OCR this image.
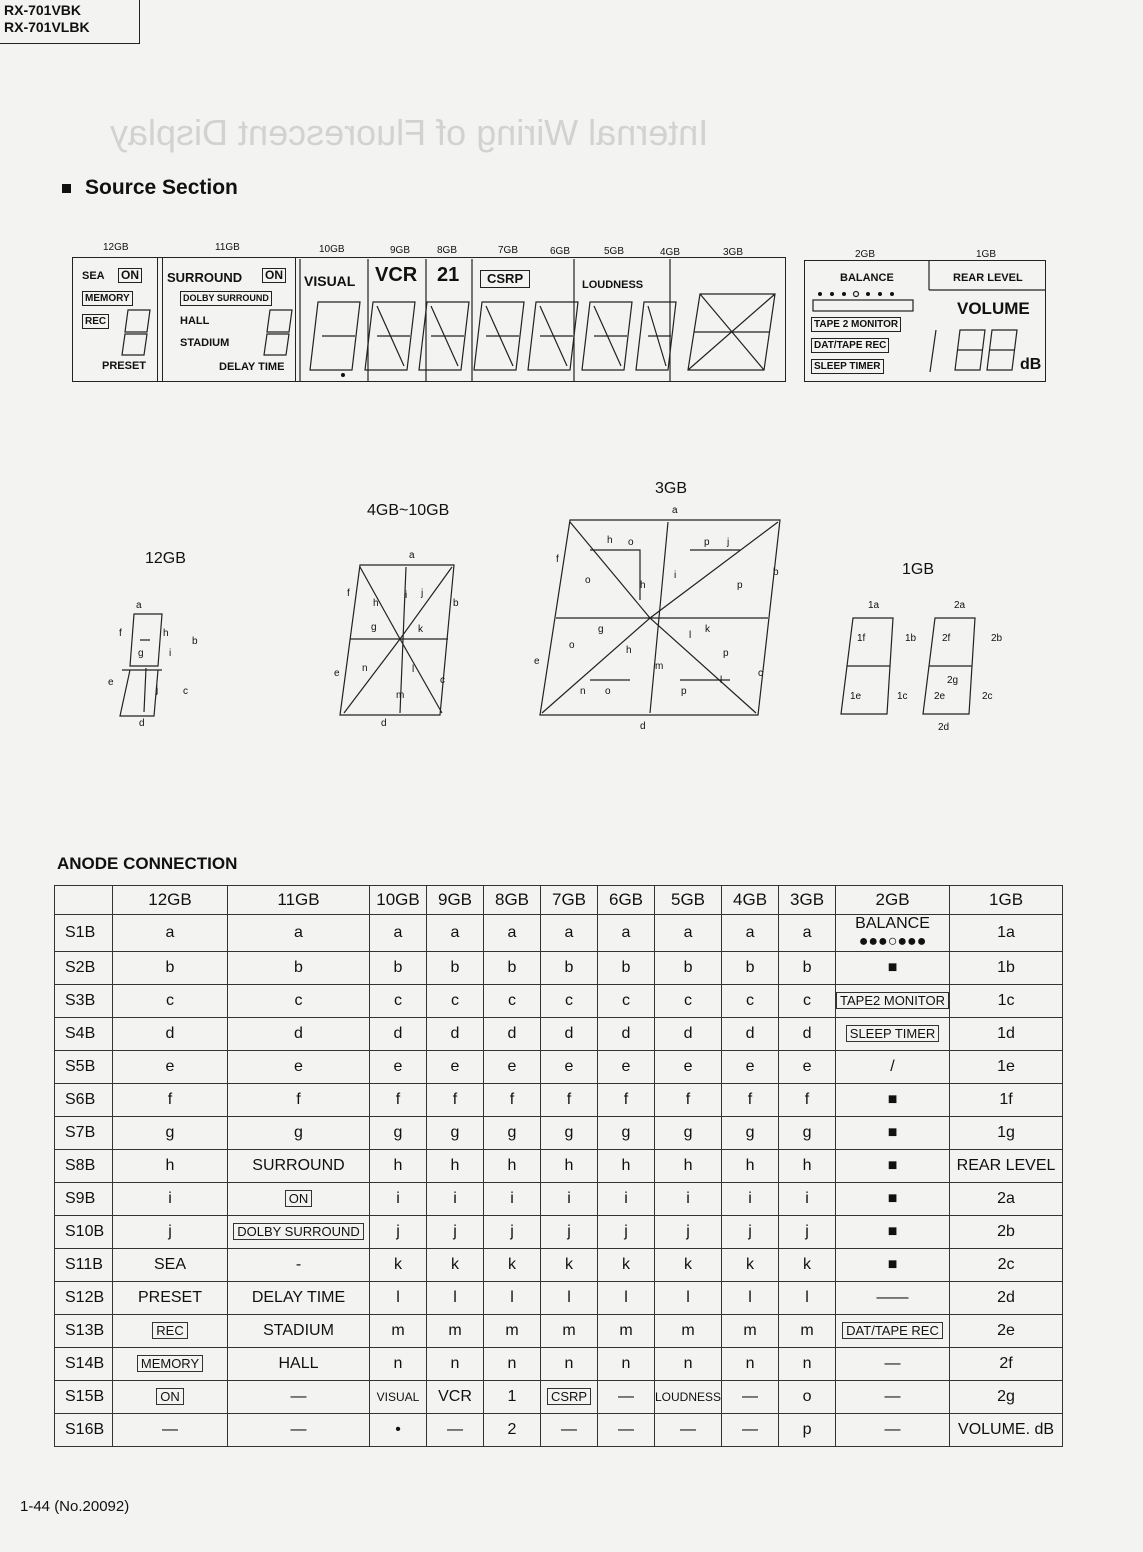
RX-701VBK
RX-701VLBK
Internal Wiring of Fluorescent Display
Source Section
12GB	11GB	10GB	9GB	8GB	7GB	6GB	5GB	4GB	3GB	2GB	1GB
SEA ON
MEMORY
REC
PRESET
SURROUND ON
DOLBY SURROUND
HALL
STADIUM
DELAY TIME
VISUAL VCR 21	CSRP	LOUDNESS
BALANCE	REAR LEVEL
VOLUME
TAPE 2 MONITOR
DAT/TAPE REC
SLEEP TIMER	dB
12GB
4GB~10GB
3GB
1GB
a
f	h
b
g	i
e
j c
d
a
f
h
i j
b
g	k
e n	l
c
m
d
a
h o	p j
f
b
o	h
i
p
g
l
k
e
o	h
m
p
c
n o	p
l
d
1a	2a
1f	1b	2f	2b
2g
1e	1c	2e	2c
2d
ANODE CONNECTION
	12GB	11GB	10GB	9GB	8GB	7GB	6GB	5GB	4GB	3GB	2GB	1GB
S1B	a	a	a	a	a	a	a	a	a	a	BALANCE ●●●○●●●	1a
S2B	b	b	b	b	b	b	b	b	b	b	■	1b
S3B	c	c	c	c	c	c	c	c	c	c	TAPE2 MONITOR	1c
S4B	d	d	d	d	d	d	d	d	d	d	SLEEP TIMER	1d
S5B	e	e	e	e	e	e	e	e	e	e	/	1e
S6B	f	f	f	f	f	f	f	f	f	f	■	1f
S7B	g	g	g	g	g	g	g	g	g	g	■	1g
S8B	h	SURROUND	h	h	h	h	h	h	h	h	■	REAR LEVEL
S9B	i	ON	i	i	i	i	i	i	i	i	■	2a
S10B	j	DOLBY SURROUND	j	j	j	j	j	j	j	j	■	2b
S11B	SEA	-	k	k	k	k	k	k	k	k	■	2c
S12B	PRESET	DELAY TIME	l	l	l	l	l	l	l	l	——	2d
S13B	REC	STADIUM	m	m	m	m	m	m	m	m	DAT/TAPE REC	2e
S14B	MEMORY	HALL	n	n	n	n	n	n	n	n	—	2f
S15B	ON	—	VISUAL	VCR	1	CSRP	—	LOUDNESS	—	o	—	2g
S16B	—	—	•	—	2	—	—	—	—	p	—	VOLUME. dB
1-44 (No.20092)
